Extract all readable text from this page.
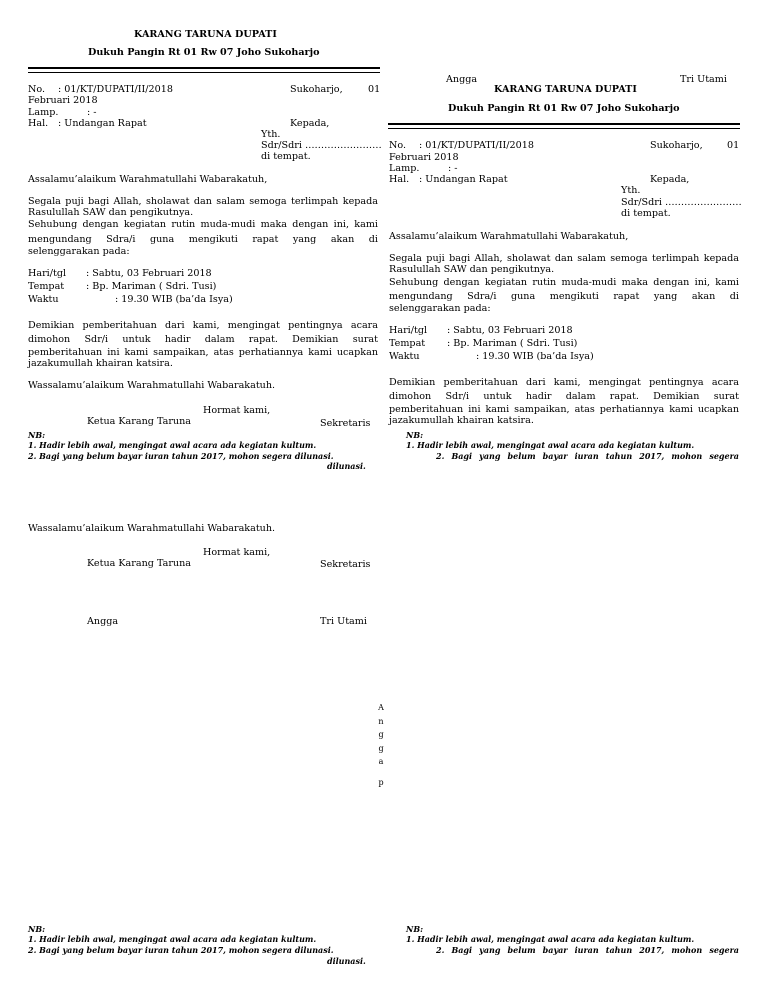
KARANG TARUNA DUPATI
Dukuh Pangin Rt 01 Rw 07 Joho Sukoharjo
No. : 01/KT/DUPATI/II/2018	Sukoharjo,	01
Februari 2018
Lamp.	: -
Hal. : Undangan Rapat	Kepada,
Yth.
Sdr/Sdri ……………………
di tempat.
Assalamu’alaikum Warahmatullahi Wabarakatuh,
Segala puji bagi Allah, sholawat dan salam semoga terlimpah kepada
Rasulullah SAW dan pengikutnya.
Sehubung dengan kegiatan rutin muda-mudi maka dengan ini, kami
mengundang Sdra/i guna mengikuti rapat yang akan di
selenggarakan pada:
Hari/tgl : Sabtu, 03 Februari 2018
Tempat : Bp. Mariman ( Sdri. Tusi)
Waktu	: 19.30 WIB (ba’da Isya)
Demikian pemberitahuan dari kami, mengingat pentingnya acara
dimohon Sdr/i untuk hadir dalam rapat. Demikian surat
pemberitahuan ini kami sampaikan, atas perhatiannya kami ucapkan
jazakumullah khairan katsira.
Wassalamu’alaikum Warahmatullahi Wabarakatuh.
Hormat kami,
Ketua Karang Taruna	Sekretaris
NB:
1. Hadir lebih awal, mengingat awal acara ada kegiatan kultum.
2. Bagi yang belum bayar iuran tahun 2017, mohon segera dilunasi.
dilunasi.
Wassalamu’alaikum Warahmatullahi Wabarakatuh.
Hormat kami,
Ketua Karang Taruna	Sekretaris
Angga	Tri Utami
NB:
1. Hadir lebih awal, mengingat awal acara ada kegiatan kultum.
2. Bagi yang belum bayar iuran tahun 2017, mohon segera dilunasi.
dilunasi.
A
n
g
g
a
p
Angga	Tri Utami
KARANG TARUNA DUPATI
Dukuh Pangin Rt 01 Rw 07 Joho Sukoharjo
No. : 01/KT/DUPATI/II/2018	Sukoharjo,	01
Februari 2018
Lamp.	: -
Hal. : Undangan Rapat	Kepada,
Yth.
Sdr/Sdri ……………………
di tempat.
Assalamu’alaikum Warahmatullahi Wabarakatuh,
Segala puji bagi Allah, sholawat dan salam semoga terlimpah kepada
Rasulullah SAW dan pengikutnya.
Sehubung dengan kegiatan rutin muda-mudi maka dengan ini, kami
mengundang Sdra/i guna mengikuti rapat yang akan di
selenggarakan pada:
Hari/tgl : Sabtu, 03 Februari 2018
Tempat : Bp. Mariman ( Sdri. Tusi)
Waktu	: 19.30 WIB (ba’da Isya)
Demikian pemberitahuan dari kami, mengingat pentingnya acara
dimohon Sdr/i untuk hadir dalam rapat. Demikian surat
pemberitahuan ini kami sampaikan, atas perhatiannya kami ucapkan
jazakumullah khairan katsira.
NB:
1. Hadir lebih awal, mengingat awal acara ada kegiatan kultum.
2. Bagi yang belum bayar iuran tahun 2017, mohon segera
NB:
1. Hadir lebih awal, mengingat awal acara ada kegiatan kultum.
2. Bagi yang belum bayar iuran tahun 2017, mohon segera
